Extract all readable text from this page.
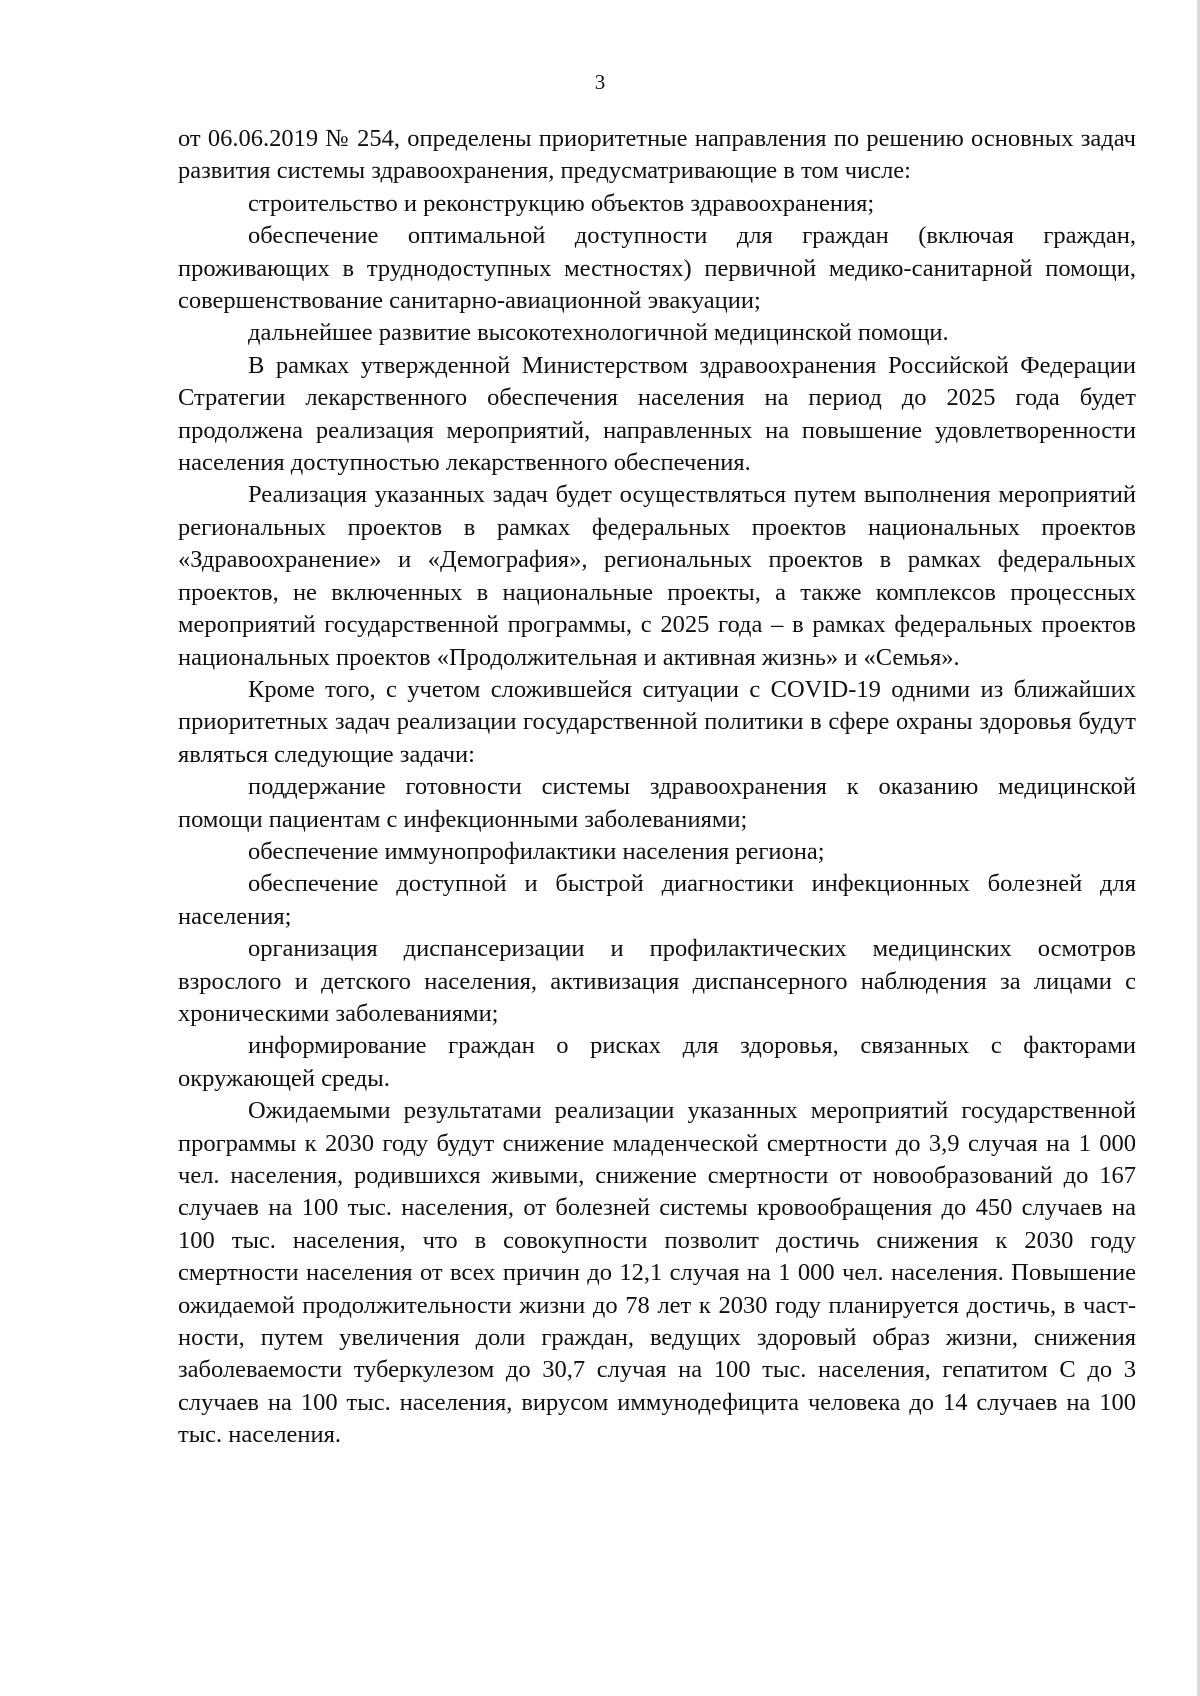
3

от 06.06.2019 № 254, определены приоритетные направления по решению основных задач развития системы здравоохранения, предусматривающие в том числе:

строительство и реконструкцию объектов здравоохранения;

обеспечение оптимальной доступности для граждан (включая граждан, проживающих в труднодоступных местностях) первичной медико-санитарной помощи, совершенствование санитарно-авиационной эвакуации;

дальнейшее развитие высокотехнологичной медицинской помощи.

В рамках утвержденной Министерством здравоохранения Российской Федерации Стратегии лекарственного обеспечения населения на период до 2025 года будет продолжена реализация мероприятий, направленных на повышение удовлетворенности населения доступностью лекарственного обеспечения.

Реализация указанных задач будет осуществляться путем выполнения мероприятий региональных проектов в рамках федеральных проектов национальных проектов «Здравоохранение» и «Демография», региональных проектов в рамках федеральных проектов, не включенных в национальные проекты, а также комплексов процессных мероприятий государственной программы, с 2025 года – в рамках федеральных проектов национальных проектов «Продолжительная и активная жизнь» и «Семья».

Кроме того, с учетом сложившейся ситуации с COVID-19 одними из ближайших приоритетных задач реализации государственной политики в сфере охраны здоровья будут являться следующие задачи:

поддержание готовности системы здравоохранения к оказанию медицинской помощи пациентам с инфекционными заболеваниями;

обеспечение иммунопрофилактики населения региона;

обеспечение доступной и быстрой диагностики инфекционных болезней для населения;

организация диспансеризации и профилактических медицинских осмотров взрослого и детского населения, активизация диспансерного наблюдения за лицами с хроническими заболеваниями;

информирование граждан о рисках для здоровья, связанных с факторами окружающей среды.

Ожидаемыми результатами реализации указанных мероприятий государственной программы к 2030 году будут снижение младенческой смертности до 3,9 случая на 1 000 чел. населения, родившихся живыми, снижение смертности от новообразований до 167 случаев на 100 тыс. населения, от болезней системы кровообращения до 450 случаев на 100 тыс. населения, что в совокупности позволит достичь снижения к 2030 году смертности населения от всех причин до 12,1 случая на 1 000 чел. населения. Повышение ожидаемой продолжительности жизни до 78 лет к 2030 году планируется достичь, в частности, путем увеличения доли граждан, ведущих здоровый образ жизни, снижения заболеваемости туберкулезом до 30,7 случая на 100 тыс. населения, гепатитом С до 3 случаев на 100 тыс. населения, вирусом иммунодефицита человека до 14 случаев на 100 тыс. населения.
